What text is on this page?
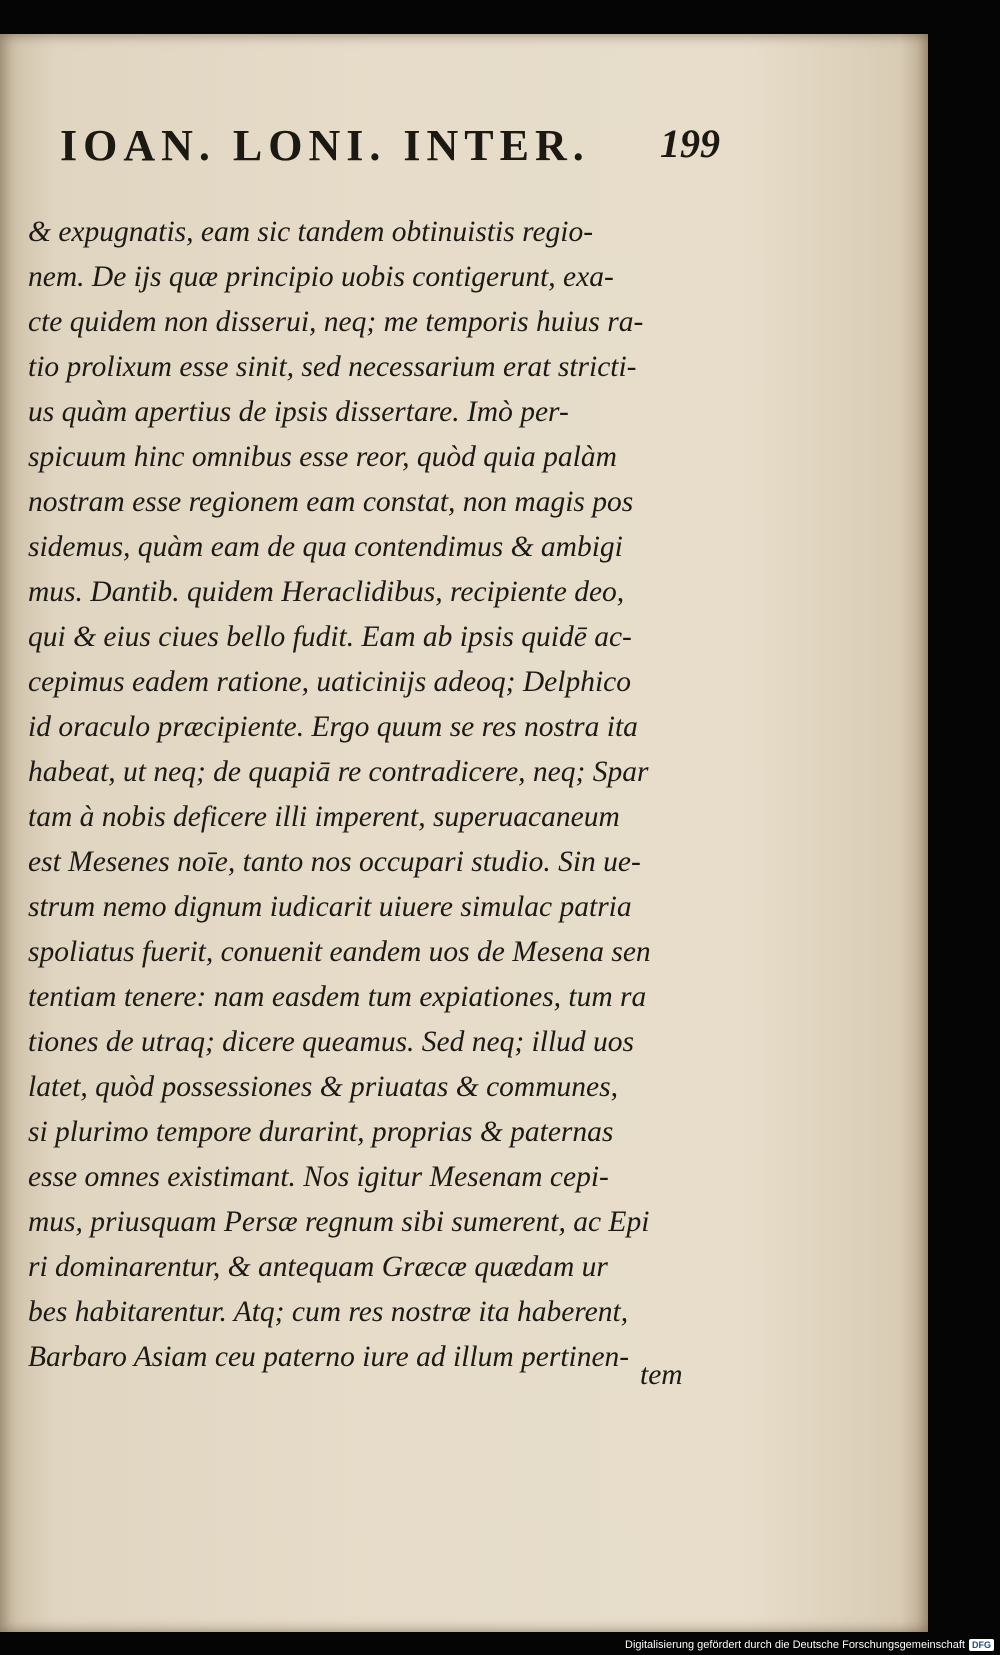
IOAN. LONI. INTER. 199
& expugnatis, eam sic tandem obtinuistis regio-
nem. De ijs quæ principio uobis contigerunt, exa-
cte quidem non disserui, neq; me temporis huius ra-
tio prolixum esse sinit, sed necessarium erat stricti-
us quàm apertius de ipsis dissertare. Imò per-
spicuum hinc omnibus esse reor, quòd quia palàm
nostram esse regionem eam constat, non magis pos
sidemus, quàm eam de qua contendimus & ambigi
mus. Dantib. quidem Heraclidibus, recipiente deo,
qui & eius ciues bello fudit. Eam ab ipsis quidē ac-
cepimus eadem ratione, uaticinijs adeoq; Delphico
id oraculo præcipiente. Ergo quum se res nostra ita
habeat, ut neq; de quapiā re contradicere, neq; Spar
tam à nobis deficere illi imperent, superuacaneum
est Mesenes noīe, tanto nos occupari studio. Sin ue-
strum nemo dignum iudicarit uiuere simulac patria
spoliatus fuerit, conuenit eandem uos de Mesena sen
tentiam tenere: nam easdem tum expiationes, tum ra
tiones de utraq; dicere queamus. Sed neq; illud uos
latet, quòd possessiones & priuatas & communes,
si plurimo tempore durarint, proprias & paternas
esse omnes existimant. Nos igitur Mesenam cepi-
mus, priusquam Persæ regnum sibi sumerent, ac Epi
ri dominarentur, & antequam Græcæ quædam ur
bes habitarentur. Atq; cum res nostræ ita haberent,
Barbaro Asiam ceu paterno iure ad illum pertinen-
tem
Digitalisierung gefördert durch die Deutsche Forschungsgemeinschaft DFG
